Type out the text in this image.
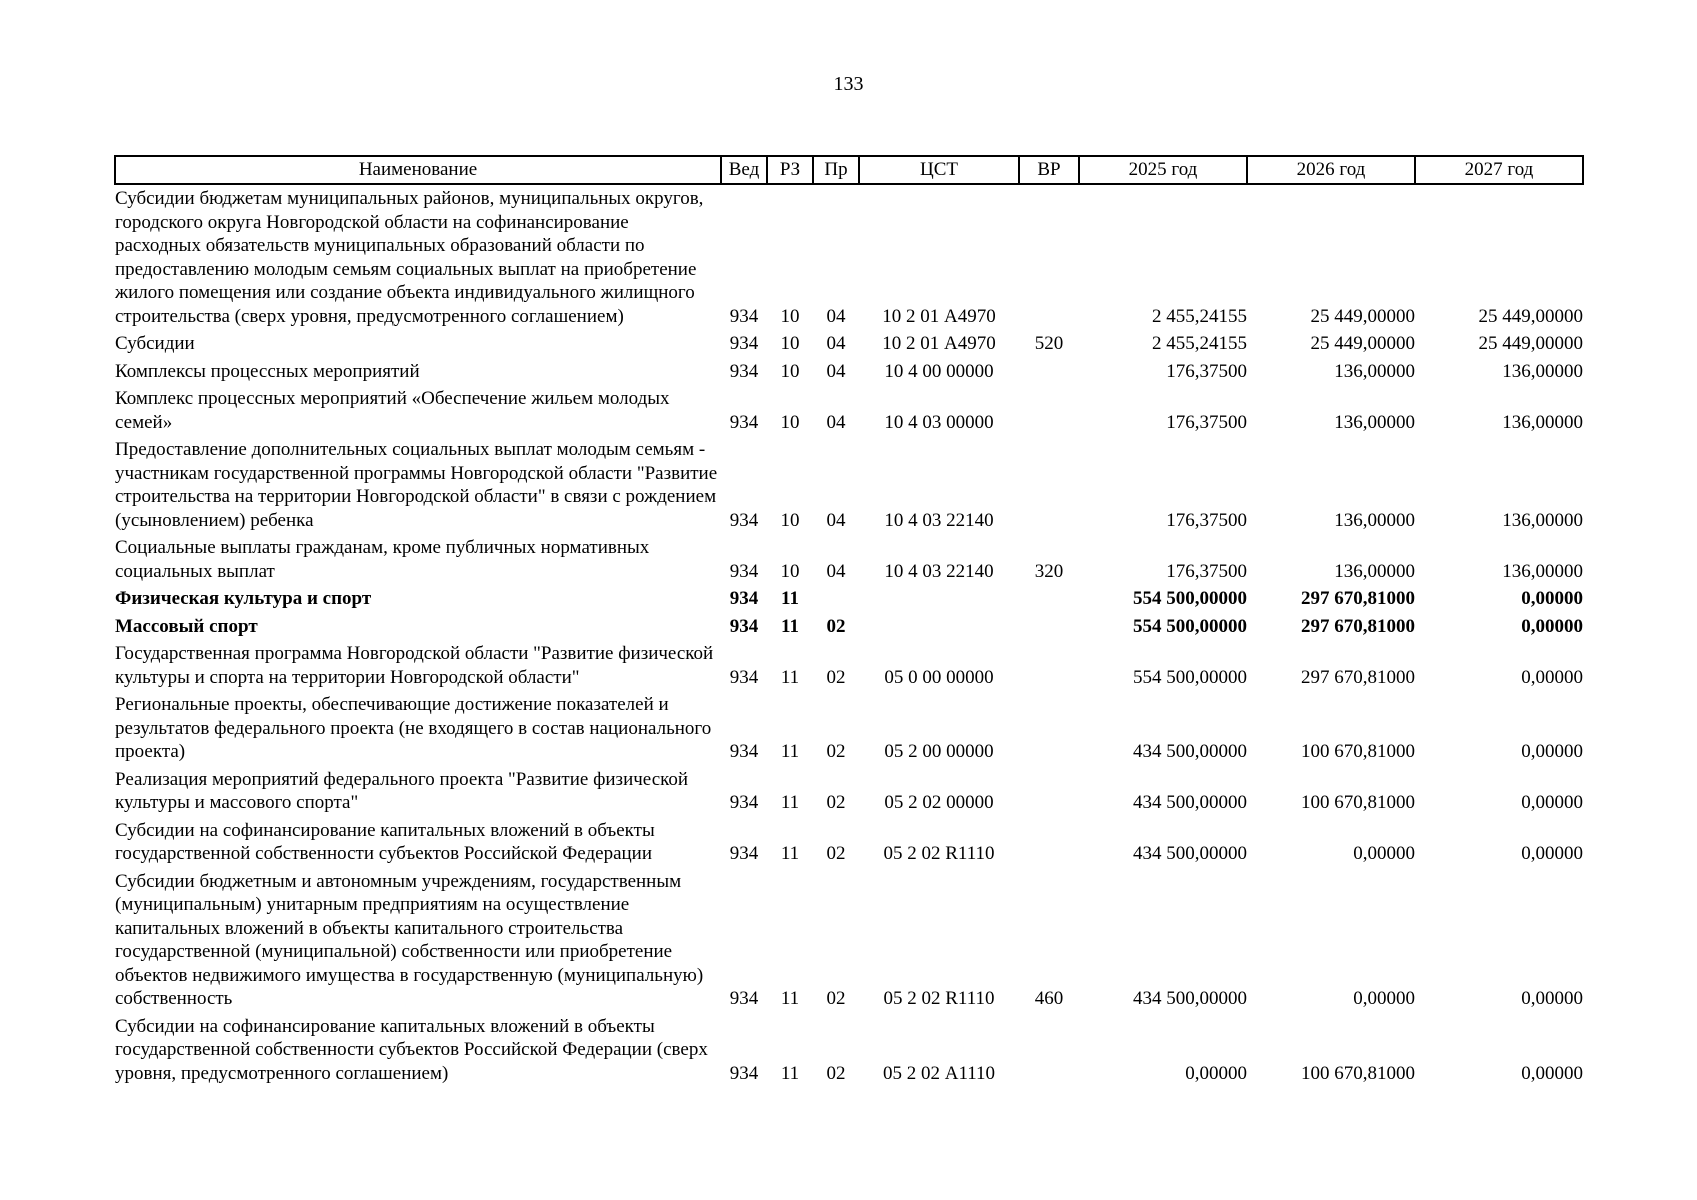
133
Наименование	Вед	РЗ	Пр	ЦСТ	ВР	2025 год	2026 год	2027 год
Субсидии бюджетам муниципальных районов, муниципальных округов, городского округа Новгородской области на софинансирование расходных обязательств муниципальных образований области по предоставлению молодым семьям социальных выплат на приобретение жилого помещения или создание объекта индивидуального жилищного строительства (сверх уровня, предусмотренного соглашением)	934	10	04	10 2 01 А4970		2 455,24155	25 449,00000	25 449,00000
Субсидии	934	10	04	10 2 01 А4970	520	2 455,24155	25 449,00000	25 449,00000
Комплексы процессных мероприятий	934	10	04	10 4 00 00000		176,37500	136,00000	136,00000
Комплекс процессных мероприятий «Обеспечение жильем молодых семей»	934	10	04	10 4 03 00000		176,37500	136,00000	136,00000
Предоставление дополнительных социальных выплат молодым семьям - участникам государственной программы Новгородской области "Развитие строительства на территории Новгородской области" в связи с рождением (усыновлением) ребенка	934	10	04	10 4 03 22140		176,37500	136,00000	136,00000
Социальные выплаты гражданам, кроме публичных нормативных социальных выплат	934	10	04	10 4 03 22140	320	176,37500	136,00000	136,00000
Физическая культура и спорт	934	11				554 500,00000	297 670,81000	0,00000
Массовый спорт	934	11	02			554 500,00000	297 670,81000	0,00000
Государственная программа Новгородской области "Развитие физической культуры и спорта на территории Новгородской области"	934	11	02	05 0 00 00000		554 500,00000	297 670,81000	0,00000
Региональные проекты, обеспечивающие достижение показателей и результатов федерального проекта (не входящего в состав национального проекта)	934	11	02	05 2 00 00000		434 500,00000	100 670,81000	0,00000
Реализация мероприятий федерального проекта "Развитие физической культуры и массового спорта"	934	11	02	05 2 02 00000		434 500,00000	100 670,81000	0,00000
Субсидии на софинансирование капитальных вложений в объекты государственной собственности субъектов Российской Федерации	934	11	02	05 2 02 R1110		434 500,00000	0,00000	0,00000
Субсидии бюджетным и автономным учреждениям, государственным (муниципальным) унитарным предприятиям на осуществление капитальных вложений в объекты капитального строительства государственной (муниципальной) собственности или приобретение объектов недвижимого имущества в государственную (муниципальную) собственность	934	11	02	05 2 02 R1110	460	434 500,00000	0,00000	0,00000
Субсидии на софинансирование капитальных вложений в объекты государственной собственности субъектов Российской Федерации (сверх уровня, предусмотренного соглашением)	934	11	02	05 2 02 А1110		0,00000	100 670,81000	0,00000
